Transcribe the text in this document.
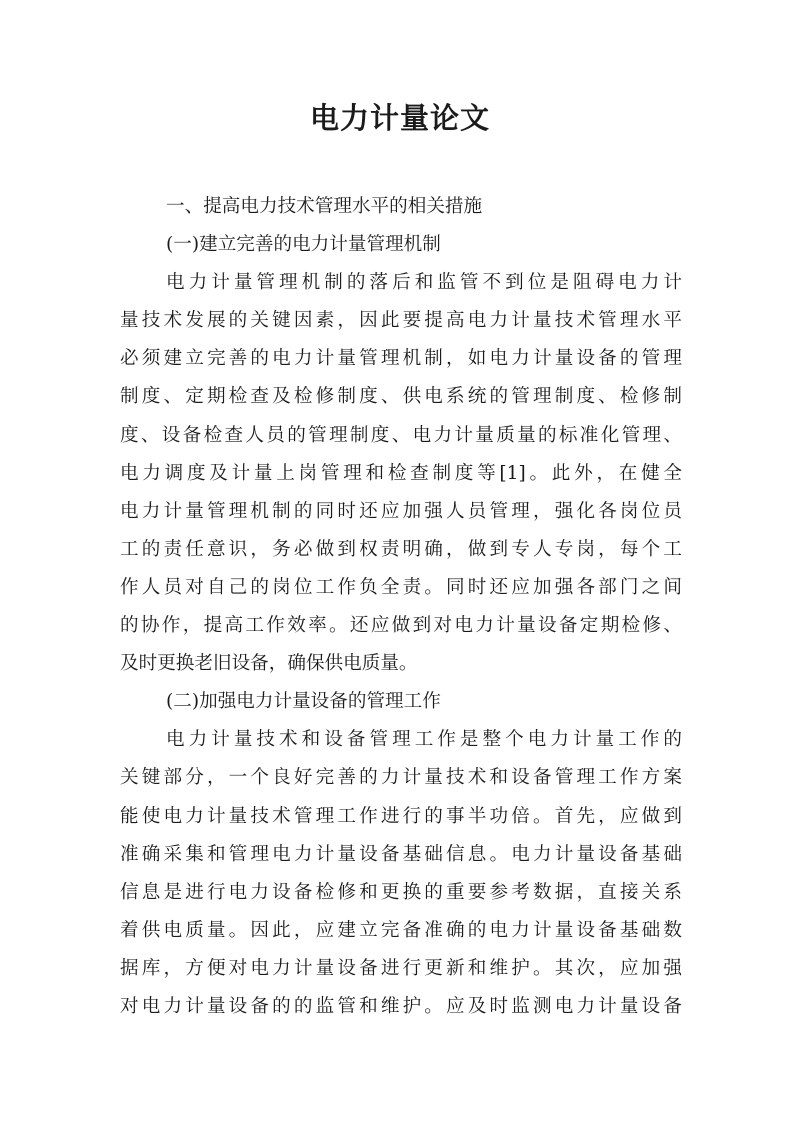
电力计量论文
一、提高电力技术管理水平的相关措施
(一)建立完善的电力计量管理机制
电力计量管理机制的落后和监管不到位是阻碍电力计
量技术发展的关键因素，因此要提高电力计量技术管理水平
必须建立完善的电力计量管理机制，如电力计量设备的管理
制度、定期检查及检修制度、供电系统的管理制度、检修制
度、设备检查人员的管理制度、电力计量质量的标准化管理、
电力调度及计量上岗管理和检查制度等[1]。此外，在健全
电力计量管理机制的同时还应加强人员管理，强化各岗位员
工的责任意识，务必做到权责明确，做到专人专岗，每个工
作人员对自己的岗位工作负全责。同时还应加强各部门之间
的协作，提高工作效率。还应做到对电力计量设备定期检修、
及时更换老旧设备，确保供电质量。
(二)加强电力计量设备的管理工作
电力计量技术和设备管理工作是整个电力计量工作的
关键部分，一个良好完善的力计量技术和设备管理工作方案
能使电力计量技术管理工作进行的事半功倍。首先，应做到
准确采集和管理电力计量设备基础信息。电力计量设备基础
信息是进行电力设备检修和更换的重要参考数据，直接关系
着供电质量。因此，应建立完备准确的电力计量设备基础数
据库，方便对电力计量设备进行更新和维护。其次，应加强
对电力计量设备的的监管和维护。应及时监测电力计量设备
